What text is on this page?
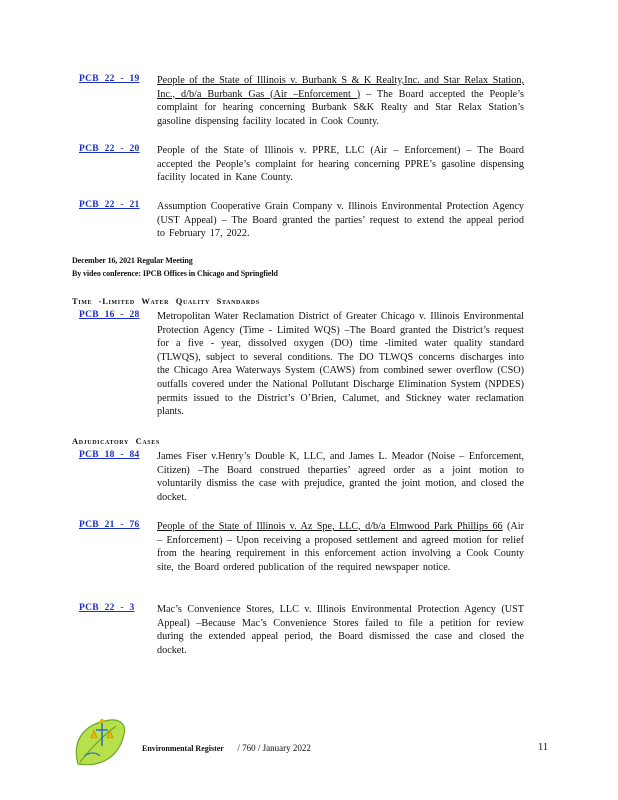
PCB 22 - 19 People of the State of Illinois v. Burbank S & K Realty,Inc. and Star Relax Station, Inc., d/b/a Burbank Gas (Air –Enforcement ) – The Board accepted the People’s complaint for hearing concerning Burbank S&K Realty and Star Relax Station’s gasoline dispensing facility located in Cook County.

PCB 22 - 20 People of the State of Illinois v. PPRE, LLC (Air – Enforcement) – The Board accepted the People’s complaint for hearing concerning PPRE’s gasoline dispensing facility located in Kane County.
PCB 22 - 21 Assumption Cooperative Grain Company v. Illinois Environmental Protection Agency (UST Appeal) – The Board granted the parties’ request to extend the appeal period to February 17, 2022.
December 16, 2021 Regular Meeting
By video conference: IPCB Offices in Chicago and Springfield
Time -Limited Water Quality Standards
PCB 16 - 28 Metropolitan Water Reclamation District of Greater Chicago v. Illinois Environmental Protection Agency (Time - Limited WQS) –The Board granted the District’s request for a five - year, dissolved oxygen (DO) time -limited water quality standard (TLWQS), subject to several conditions. The DO TLWQS concerns discharges into the Chicago Area Waterways System (CAWS) from combined sewer overflow (CSO) outfalls covered under the National Pollutant Discharge Elimination System (NPDES) permits issued to the District’s O’Brien, Calumet, and Stickney water reclamation plants.
Adjudicatory Cases
PCB 18 - 84 James Fiser v.Henry’s Double K, LLC, and James L. Meador (Noise – Enforcement, Citizen) –The Board construed theparties’ agreed order as a joint motion to voluntarily dismiss the case with prejudice, granted the joint motion, and closed the docket.
PCB 21 - 76 People of the State of Illinois v. Az Spe, LLC, d/b/a Elmwood Park Phillips 66 (Air – Enforcement) – Upon receiving a proposed settlement and agreed motion for relief from the hearing requirement in this enforcement action involving a Cook County site, the Board ordered publication of the required newspaper notice.

PCB 22 - 3 Mac’s Convenience Stores, LLC v. Illinois Environmental Protection Agency (UST Appeal) –Because Mac’s Convenience Stores failed to file a petition for review during the extended appeal period, the Board dismissed the case and closed the docket.
Environmental Register / 760 / January 2022	11
